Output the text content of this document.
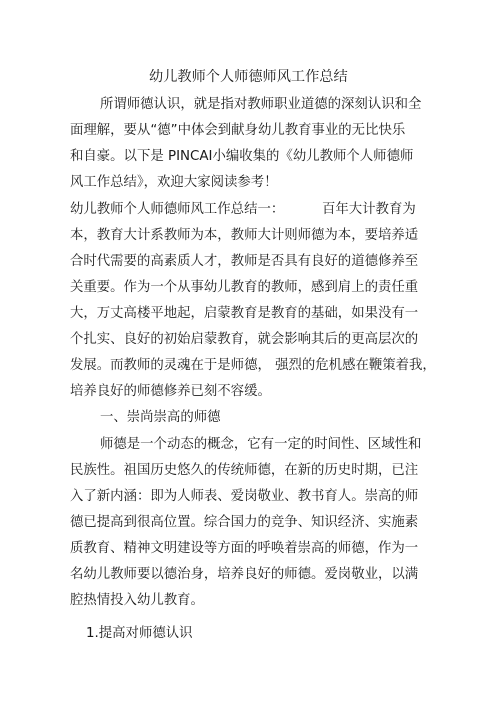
幼儿教师个人师德师风工作总结
所谓师德认识，就是指对教师职业道德的深刻认识和全
面理解，要从“德”中体会到献身幼儿教育事业的无比快乐
和自豪。以下是 PINCAI小编收集的《幼儿教师个人师德师
风工作总结》，欢迎大家阅读参考！
幼儿教师个人师德师风工作总结一：	百年大计教育为
本，教育大计系教师为本，教师大计则师德为本，要培养适
合时代需要的高素质人才，教师是否具有良好的道德修养至
关重要。作为一个从事幼儿教育的教师，感到肩上的责任重
大，万丈高楼平地起，启蒙教育是教育的基础，如果没有一
个扎实、良好的初始启蒙教育，就会影响其后的更高层次的
发展。而教师的灵魂在于是师德， 强烈的危机感在鞭策着我，
培养良好的师德修养已刻不容缓。
一、崇尚崇高的师德
师德是一个动态的概念，它有一定的时间性、区域性和
民族性。祖国历史悠久的传统师德，在新的历史时期，已注
入了新内涵：即为人师表、爱岗敬业、教书育人。崇高的师
德已提高到很高位置。综合国力的竞争、知识经济、实施素
质教育、精神文明建设等方面的呼唤着崇高的师德，作为一
名幼儿教师要以德治身，培养良好的师德。爱岗敬业，以满
腔热情投入幼儿教育。
1.提高对师德认识
